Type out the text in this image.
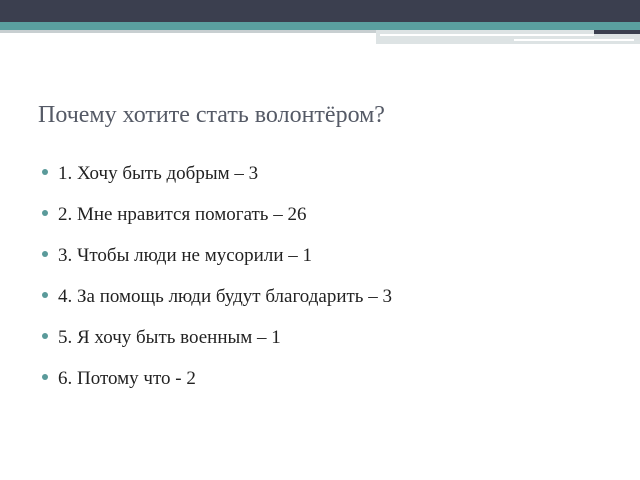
Почему хотите стать волонтёром?
1. Хочу быть добрым – 3
2. Мне нравится помогать – 26
3. Чтобы люди не мусорили – 1
4. За помощь люди будут благодарить – 3
5. Я хочу быть военным – 1
6. Потому что - 2
